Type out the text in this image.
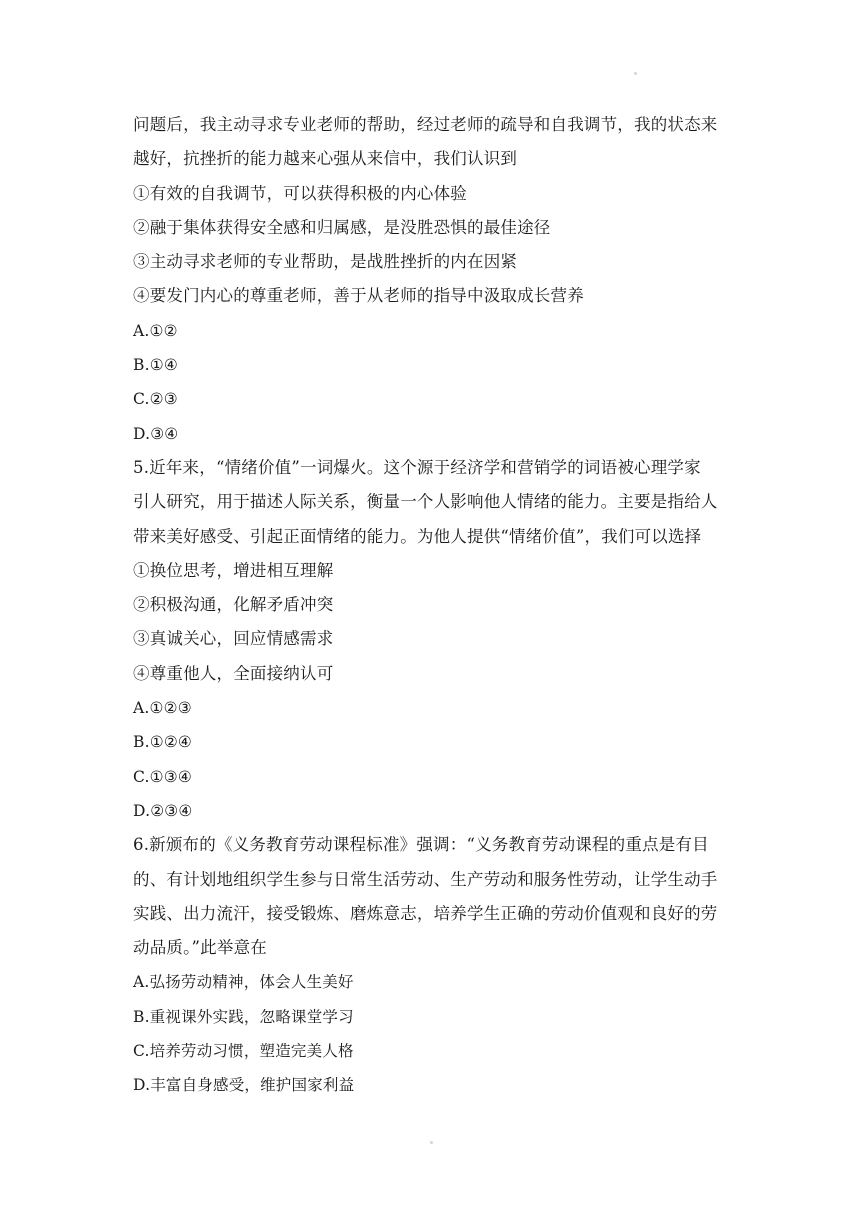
问题后，我主动寻求专业老师的帮助，经过老师的疏导和自我调节，我的状态来
越好，抗挫折的能力越来心强从来信中，我们认识到
①有效的自我调节，可以获得积极的内心体验
②融于集体获得安全感和归属感，是没胜恐惧的最佳途径
③主动寻求老师的专业帮助，是战胜挫折的内在因紧
④要发门内心的尊重老师，善于从老师的指导中汲取成长营养
A.①②
B.①④
C.②③
D.③④
5.近年来，“情绪价值”一词爆火。这个源于经济学和营销学的词语被心理学家
引人研究，用于描述人际关系，衡量一个人影响他人情绪的能力。主要是指给人
带来美好感受、引起正面情绪的能力。为他人提供“情绪价值”，我们可以选择
①换位思考，增进相互理解
②积极沟通，化解矛盾冲突
③真诚关心，回应情感需求
④尊重他人，全面接纳认可
A.①②③
B.①②④
C.①③④
D.②③④
6.新颁布的《义务教育劳动课程标准》强调：“义务教育劳动课程的重点是有目
的、有计划地组织学生参与日常生活劳动、生产劳动和服务性劳动，让学生动手
实践、出力流汗，接受锻炼、磨炼意志，培养学生正确的劳动价值观和良好的劳
动品质。”此举意在
A.弘扬劳动精神，体会人生美好
B.重视课外实践，忽略课堂学习
C.培养劳动习惯，塑造完美人格
D.丰富自身感受，维护国家利益
